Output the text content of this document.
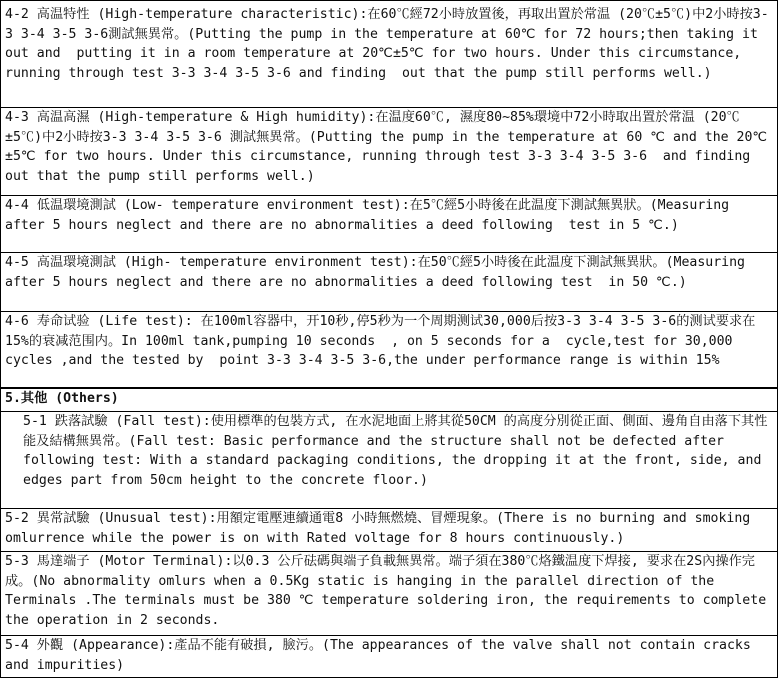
4-2 高温特性 (High-temperature characteristic):在60℃經72小時放置後，再取出置於常温 (20℃±5℃)中2小時按3-3 3-4 3-5 3-6測試無異常。(Putting the pump in the temperature at 60℃ for 72 hours;then taking it out and  putting it in a room temperature at 20℃±5℃ for two hours. Under this circumstance, running through test 3-3 3-4 3-5 3-6 and finding  out that the pump still performs well.)
4-3 高温高濕 (High-temperature & High humidity):在温度60℃, 濕度80~85%環境中72小時取出置於常温 (20℃±5℃)中2小時按3-3 3-4 3-5 3-6 測試無異常。(Putting the pump in the temperature at 60 ℃ and the 20℃±5℃ for two hours. Under this circumstance, running through test 3-3 3-4 3-5 3-6  and finding out that the pump still performs well.)
4-4 低温環境測試 (Low- temperature environment test):在5℃經5小時後在此温度下測試無異狀。(Measuring after 5 hours neglect and there are no abnormalities a deed following  test in 5 ℃.)
4-5 高温環境測試 (High- temperature environment test):在50℃經5小時後在此温度下測試無異狀。(Measuring after 5 hours neglect and there are no abnormalities a deed following test  in 50 ℃.)
4-6 寿命试验 (Life test): 在100ml容器中，开10秒,停5秒为一个周期测试30,000后按3-3 3-4 3-5 3-6的测试要求在15%的衰减范围内。In 100ml tank,pumping 10 seconds  , on 5 seconds for a  cycle,test for 30,000 cycles ,and the tested by  point 3-3 3-4 3-5 3-6,the under performance range is within 15%
5.其他 (Others)
5-1 跌落試驗 (Fall test):使用標準的包裝方式, 在水泥地面上將其從50CM 的高度分別從正面、側面、邊角自由落下其性能及結構無異常。(Fall test: Basic performance and the structure shall not be defected after following test: With a standard packaging conditions, the dropping it at the front, side, and edges part from 50cm height to the concrete floor.)
5-2 異常試驗 (Unusual test):用額定電壓連續通電8 小時無燃燒、冒煙現象。(There is no burning and smoking omlurrence while the power is on with Rated voltage for 8 hours continuously.)
5-3 馬達端子 (Motor Terminal):以0.3 公斤砝碼與端子負載無異常。端子須在380℃烙鐵温度下焊接, 要求在2S內操作完成。(No abnormality omlurs when a 0.5Kg static is hanging in the parallel direction of the Terminals .The terminals must be 380 ℃ temperature soldering iron, the requirements to complete the operation in 2 seconds.
5-4 外觀 (Appearance):產品不能有破損, 臉污。(The appearances of the valve shall not contain cracks and impurities)
